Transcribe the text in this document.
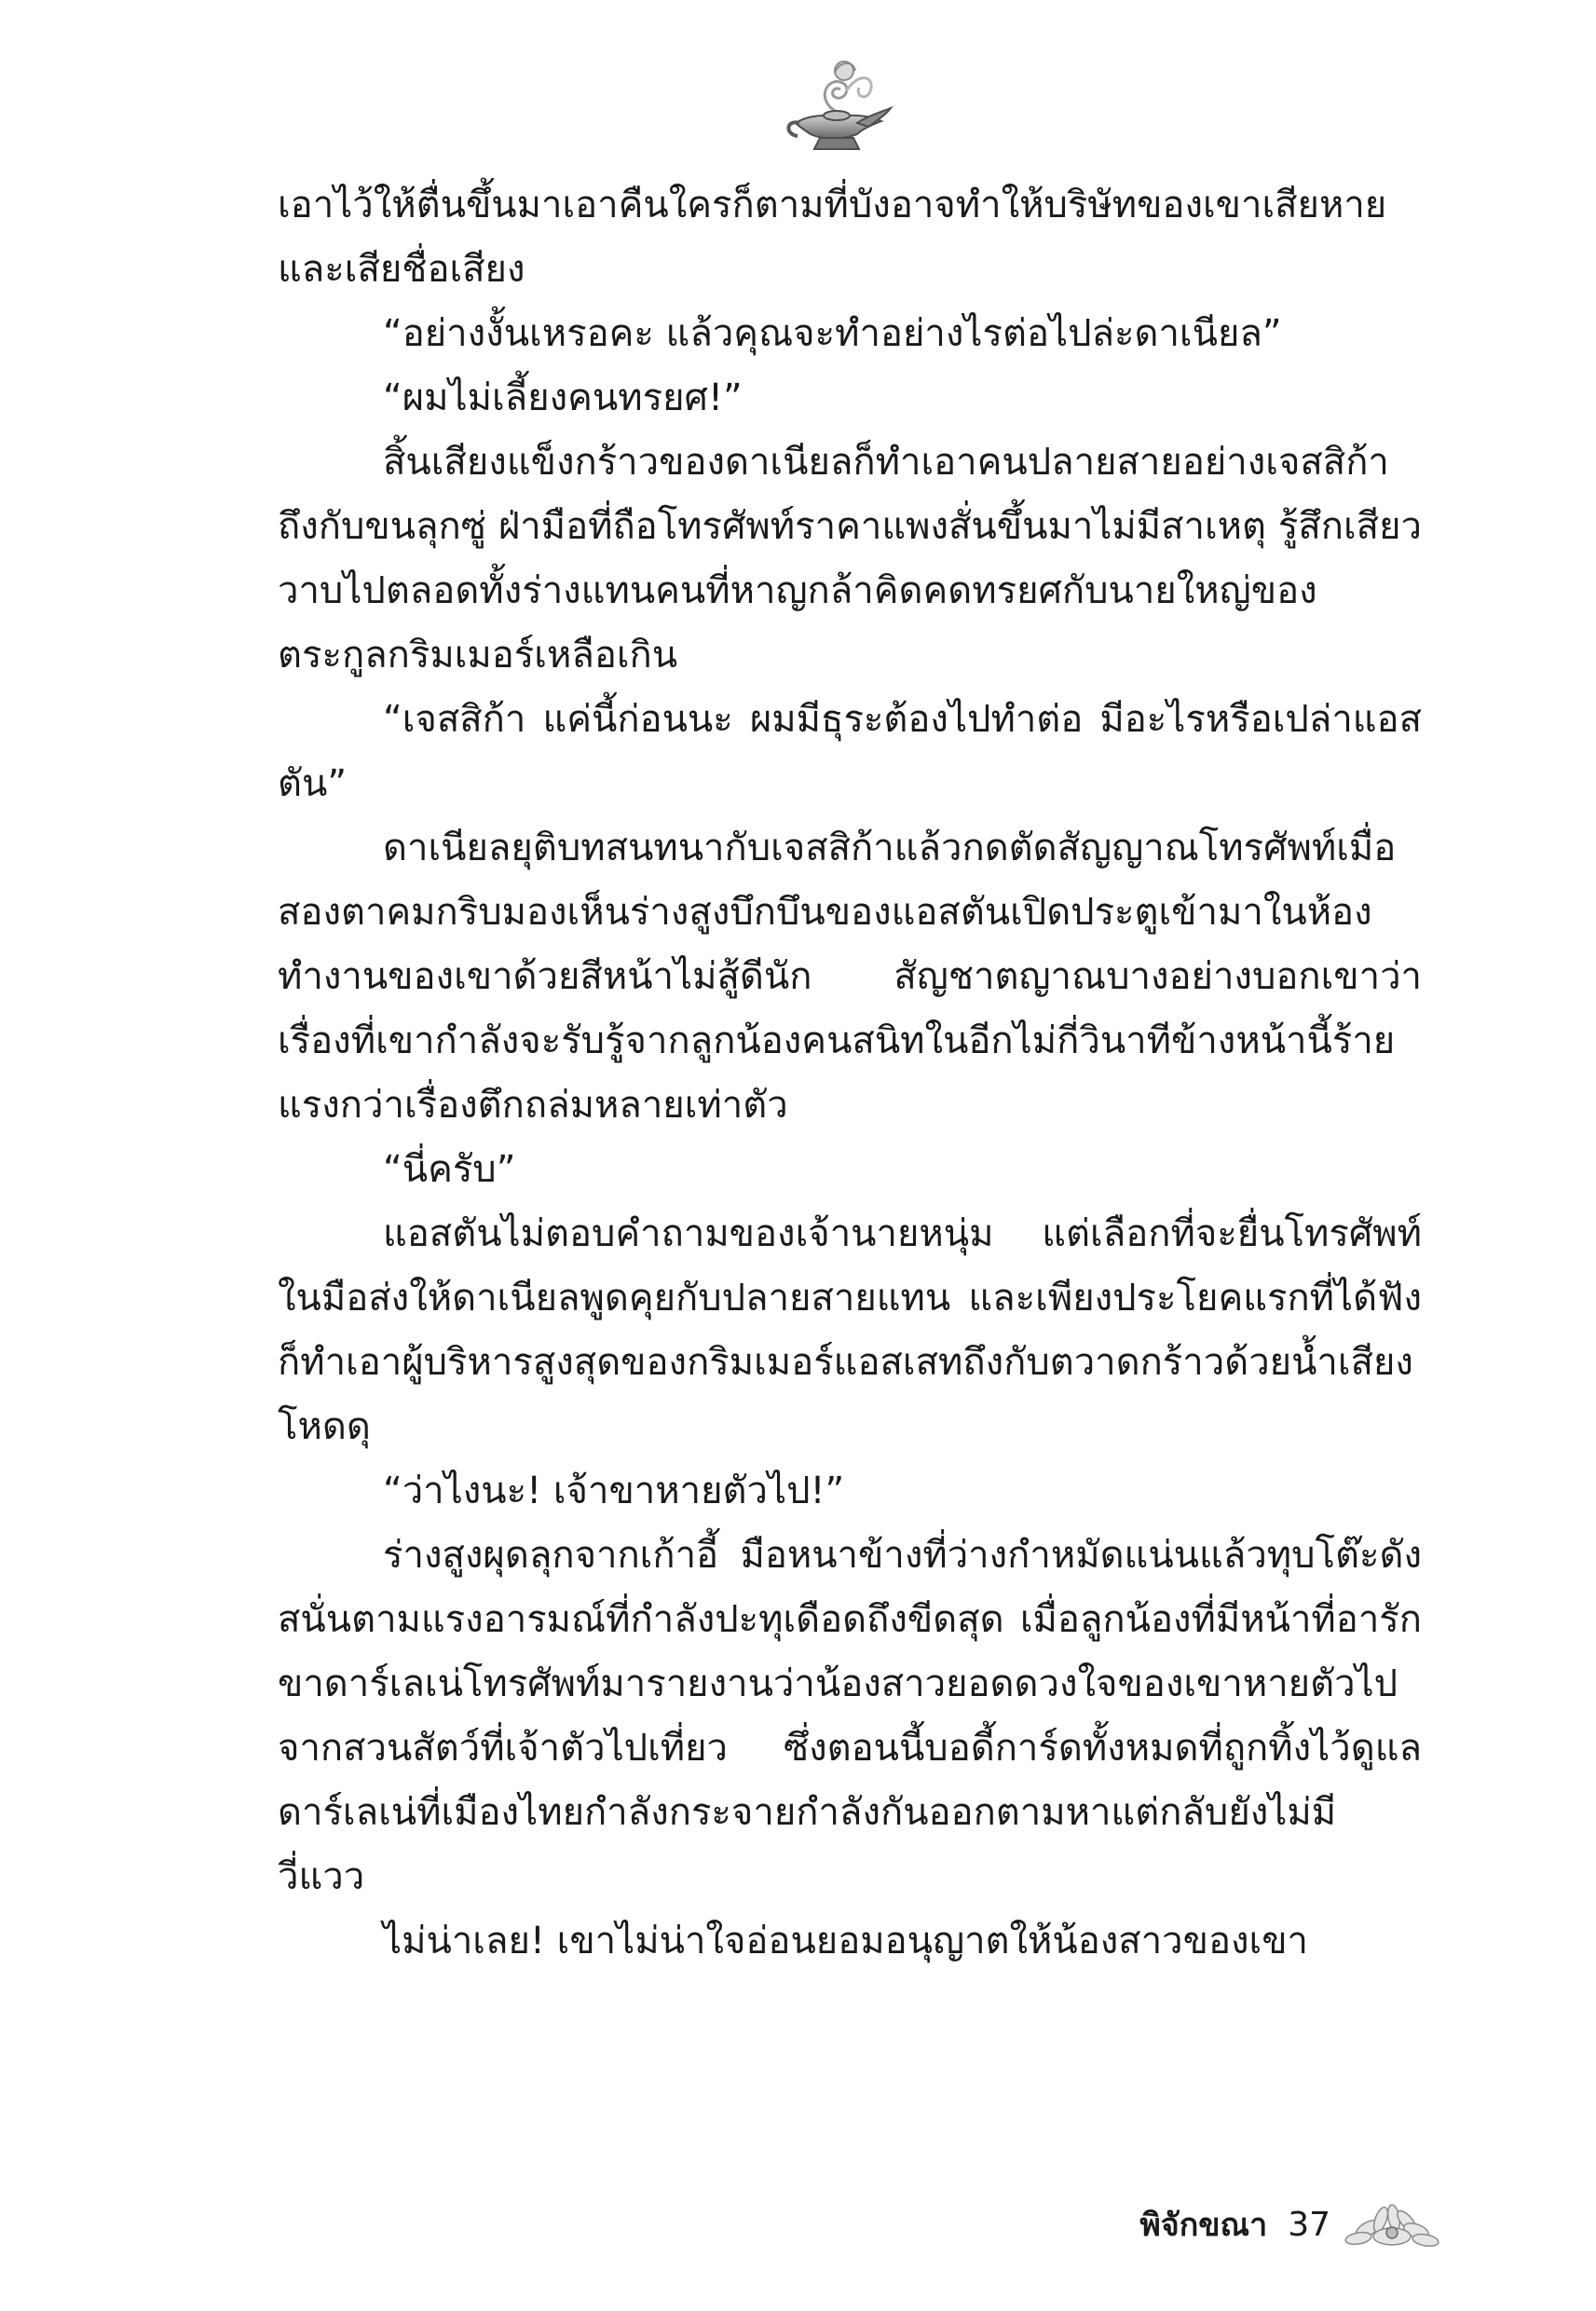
เอาไว้ให้ตื่นขึ้นมาเอาคืนใครก็ตามที่บังอาจทำให้บริษัทของเขาเสียหายและเสียชื่อเสียง

“อย่างงั้นเหรอคะ แล้วคุณจะทำอย่างไรต่อไปล่ะดาเนียล”

“ผมไม่เลี้ยงคนทรยศ!”

สิ้นเสียงแข็งกร้าวของดาเนียลก็ทำเอาคนปลายสายอย่างเจสสิก้าถึงกับขนลุกซู่ ฝ่ามือที่ถือโทรศัพท์ราคาแพงสั่นขึ้นมาไม่มีสาเหตุ รู้สึกเสียววาบไปตลอดทั้งร่างแทนคนที่หาญกล้าคิดคดทรยศกับนายใหญ่ของตระกูลกริมเมอร์เหลือเกิน

“เจสสิก้า แค่นี้ก่อนนะ ผมมีธุระต้องไปทำต่อ มีอะไรหรือเปล่าแอสตัน”

ดาเนียลยุติบทสนทนากับเจสสิก้าแล้วกดตัดสัญญาณโทรศัพท์เมื่อสองตาคมกริบมองเห็นร่างสูงบึกบึนของแอสตันเปิดประตูเข้ามาในห้องทำงานของเขาด้วยสีหน้าไม่สู้ดีนัก สัญชาตญาณบางอย่างบอกเขาว่าเรื่องที่เขากำลังจะรับรู้จากลูกน้องคนสนิทในอีกไม่กี่วินาทีข้างหน้านี้ร้ายแรงกว่าเรื่องตึกถล่มหลายเท่าตัว

“นี่ครับ”

แอสตันไม่ตอบคำถามของเจ้านายหนุ่ม แต่เลือกที่จะยื่นโทรศัพท์ในมือส่งให้ดาเนียลพูดคุยกับปลายสายแทน และเพียงประโยคแรกที่ได้ฟัง ก็ทำเอาผู้บริหารสูงสุดของกริมเมอร์แอสเสทถึงกับตวาดกร้าวด้วยน้ำเสียงโหดดุ

“ว่าไงนะ! เจ้าขาหายตัวไป!”

ร่างสูงผุดลุกจากเก้าอี้ มือหนาข้างที่ว่างกำหมัดแน่นแล้วทุบโต๊ะดังสนั่นตามแรงอารมณ์ที่กำลังปะทุเดือดถึงขีดสุด เมื่อลูกน้องที่มีหน้าที่อารักขาดาร์เลเน่โทรศัพท์มารายงานว่าน้องสาวยอดดวงใจของเขาหายตัวไปจากสวนสัตว์ที่เจ้าตัวไปเที่ยว ซึ่งตอนนี้บอดี้การ์ดทั้งหมดที่ถูกทิ้งไว้ดูแลดาร์เลเน่ที่เมืองไทยกำลังกระจายกำลังกันออกตามหาแต่กลับยังไม่มีวี่แวว

ไม่น่าเลย! เขาไม่น่าใจอ่อนยอมอนุญาตให้น้องสาวของเขา

พิจักขณา 37
